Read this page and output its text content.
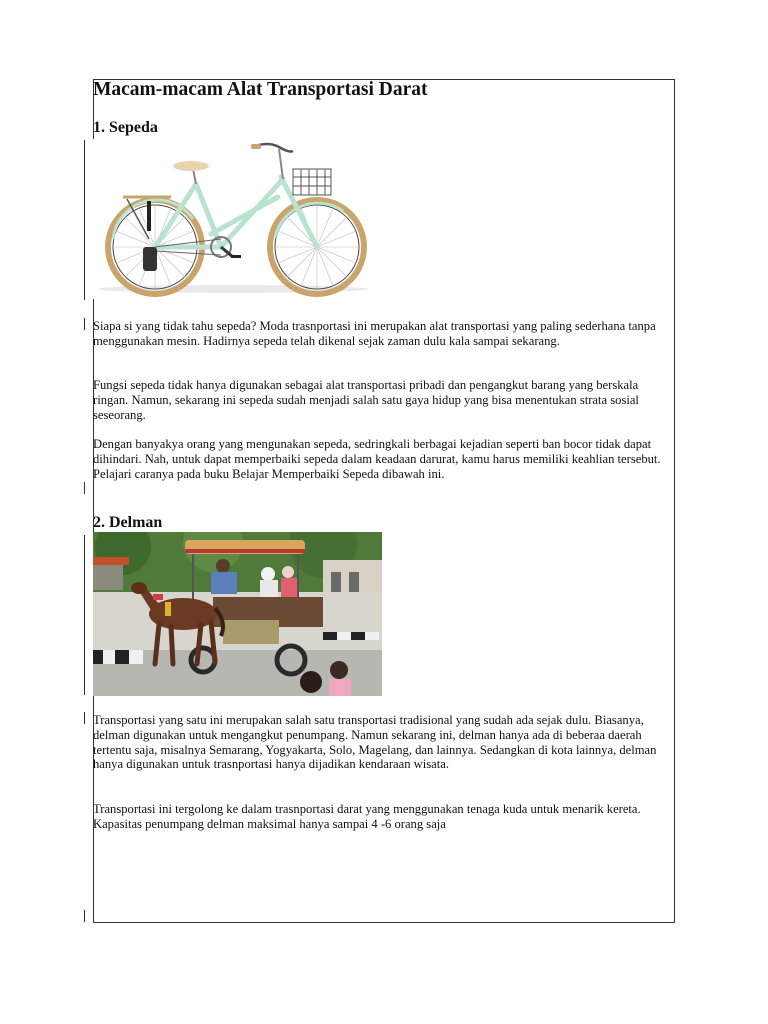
Macam-macam Alat Transportasi Darat
1. Sepeda

Siapa si yang tidak tahu sepeda? Moda trasnportasi ini merupakan alat transportasi yang paling sederhana tanpa menggunakan mesin. Hadirnya sepeda telah dikenal sejak zaman dulu kala sampai sekarang.

Fungsi sepeda tidak hanya digunakan sebagai alat transportasi pribadi dan pengangkut barang yang berskala ringan. Namun, sekarang ini sepeda sudah menjadi salah satu gaya hidup yang bisa menentukan strata sosial seseorang.

Dengan banyakya orang yang mengunakan sepeda, sedringkali berbagai kejadian seperti ban bocor tidak dapat dihindari. Nah, untuk dapat memperbaiki sepeda dalam keadaan darurat, kamu harus memiliki keahlian tersebut. Pelajari caranya pada buku Belajar Memperbaiki Sepeda dibawah ini.

2. Delman

Transportasi yang satu ini merupakan salah satu transportasi tradisional yang sudah ada sejak dulu. Biasanya, delman digunakan untuk mengangkut penumpang. Namun sekarang ini, delman hanya ada di beberaa daerah tertentu saja, misalnya Semarang, Yogyakarta, Solo, Magelang, dan lainnya. Sedangkan di kota lainnya, delman hanya digunakan untuk trasnportasi hanya dijadikan kendaraan wisata.

Transportasi ini tergolong ke dalam trasnportasi darat yang menggunakan tenaga kuda untuk menarik kereta. Kapasitas penumpang delman maksimal hanya sampai 4 -6 orang saja
